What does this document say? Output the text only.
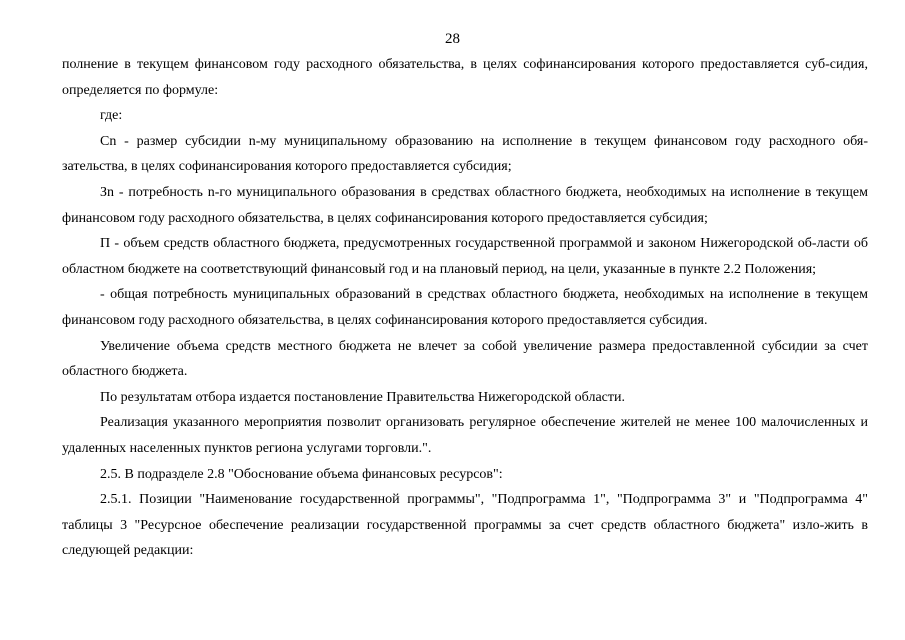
28

полнение в текущем финансовом году расходного обязательства, в целях софинансирования которого предоставляется суб-сидия, определяется по формуле:

где:

Cn - размер субсидии n-му муниципальному образованию на исполнение в текущем финансовом году расходного обя-зательства, в целях софинансирования которого предоставляется субсидия;

Зn - потребность n-го муниципального образования в средствах областного бюджета, необходимых на исполнение в текущем финансовом году расходного обязательства, в целях софинансирования которого предоставляется субсидия;

П - объем средств областного бюджета, предусмотренных государственной программой и законом Нижегородской об-ласти об областном бюджете на соответствующий финансовый год и на плановый период, на цели, указанные в пункте 2.2 Положения;

- общая потребность муниципальных образований в средствах областного бюджета, необходимых на исполнение в текущем финансовом году расходного обязательства, в целях софинансирования которого предоставляется субсидия.

Увеличение объема средств местного бюджета не влечет за собой увеличение размера предоставленной субсидии за счет областного бюджета.

По результатам отбора издается постановление Правительства Нижегородской области.

Реализация указанного мероприятия позволит организовать регулярное обеспечение жителей не менее 100 малочисленных и удаленных населенных пунктов региона услугами торговли.".

2.5. В подразделе 2.8 "Обоснование объема финансовых ресурсов":

2.5.1. Позиции "Наименование государственной программы", "Подпрограмма 1", "Подпрограмма 3" и "Подпрограмма 4" таблицы 3 "Ресурсное обеспечение реализации государственной программы за счет средств областного бюджета" изло-жить в следующей редакции:
